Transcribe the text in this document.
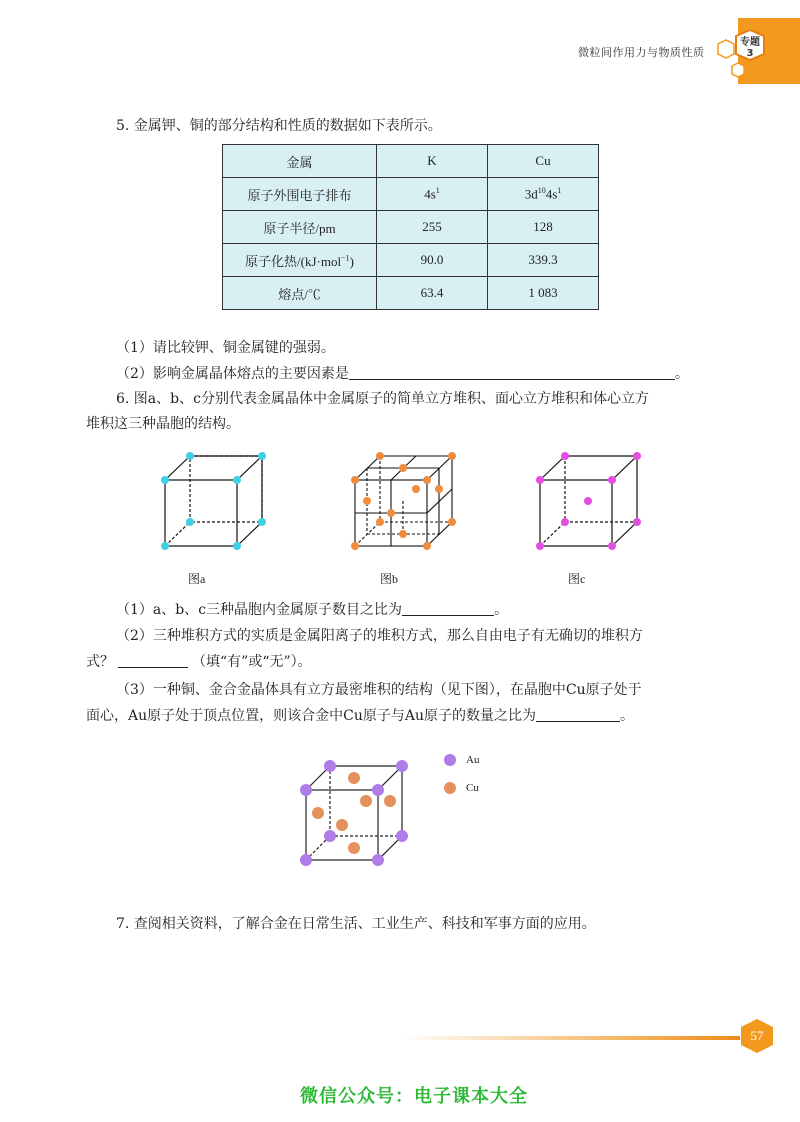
微粒间作用力与物质性质
专题
3
5. 金属钾、铜的部分结构和性质的数据如下表所示。
金属	K	Cu
原子外围电子排布	$4s^1$	$3d^{10}4s^1$
原子半径/pm	255	128
原子化热/(kJ·mol$^{-1}$)	90.0	339.3
熔点/℃	63.4	1 083
（1）请比较钾、铜金属键的强弱。
（2）影响金属晶体熔点的主要因素是	。
6. 图a、b、c分别代表金属晶体中金属原子的简单立方堆积、面心立方堆积和体心立方
堆积这三种晶胞的结构。
图a	图b	图c
（1）a、b、c三种晶胞内金属原子数目之比为	。
（2）三种堆积方式的实质是金属阳离子的堆积方式，那么自由电子有无确切的堆积方
式？	（填“有”或“无”）。
（3）一种铜、金合金晶体具有立方最密堆积的结构（见下图），在晶胞中Cu原子处于
面心，Au原子处于顶点位置，则该合金中Cu原子与Au原子的数量之比为	。
Au
Cu
7. 查阅相关资料，了解合金在日常生活、工业生产、科技和军事方面的应用。
57
微信公众号：电子课本大全
